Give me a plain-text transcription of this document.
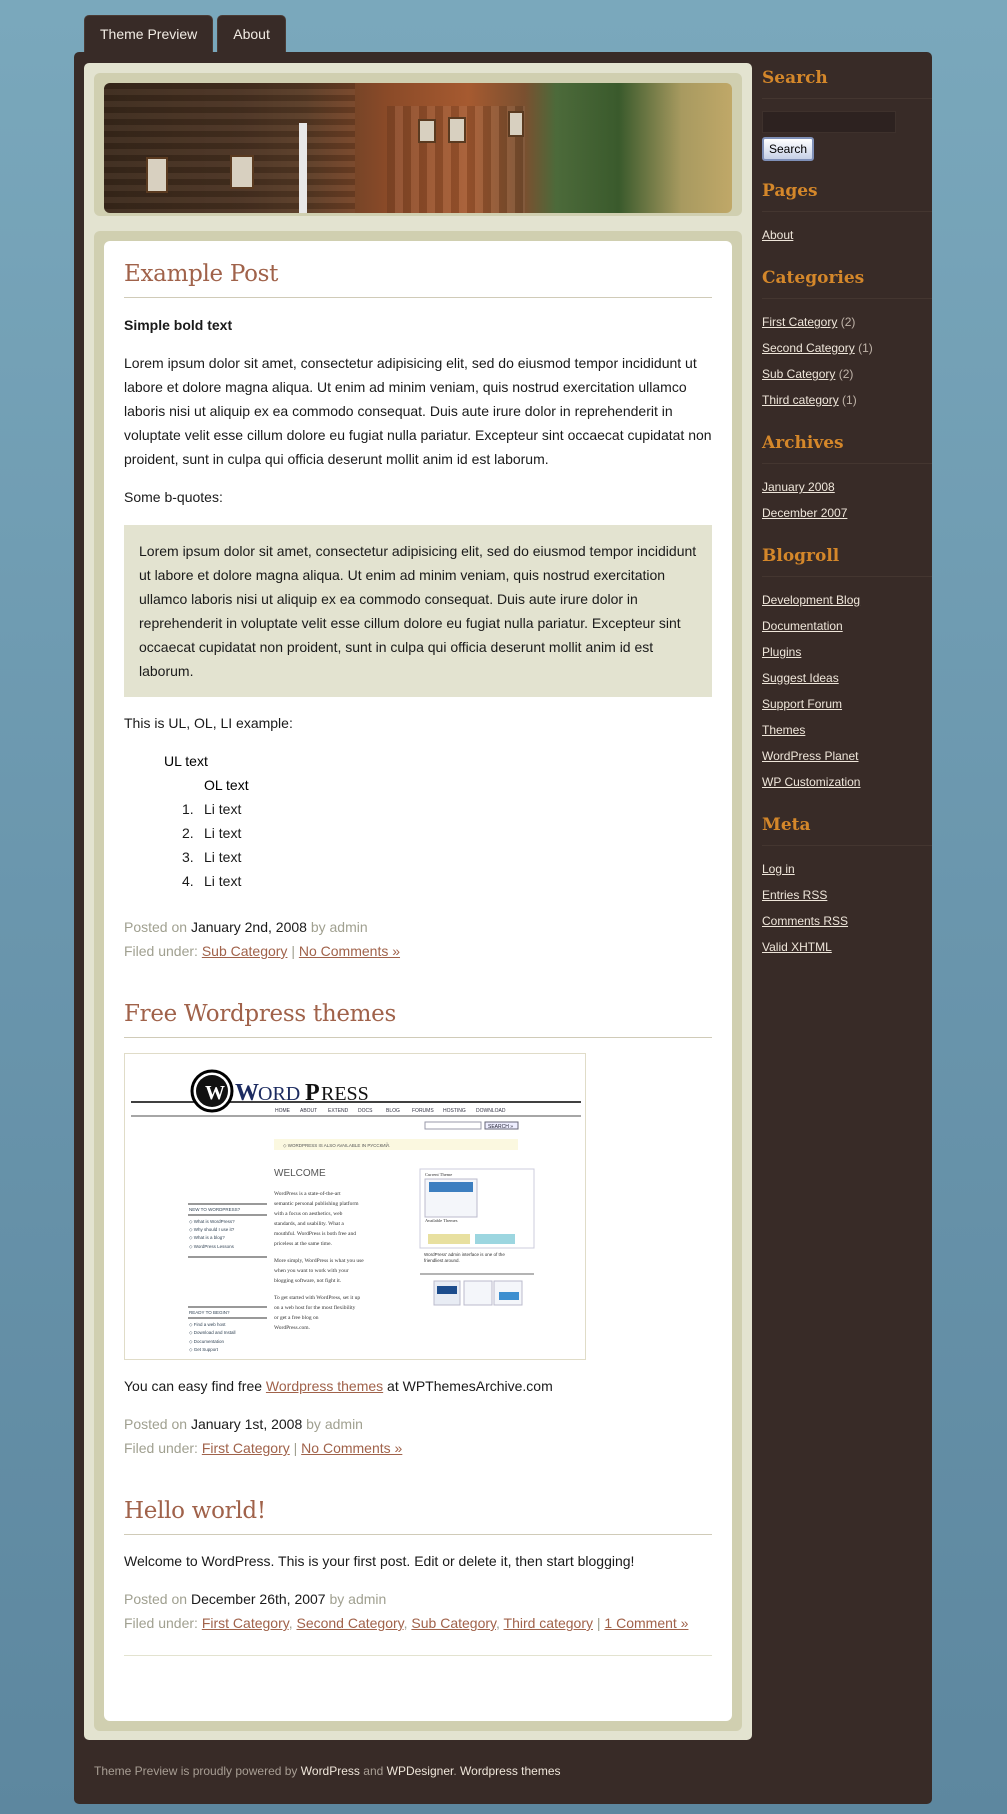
Theme Preview	About
Example Post

Simple bold text

Lorem ipsum dolor sit amet, consectetur adipisicing elit, sed do eiusmod tempor incididunt ut labore et dolore magna aliqua. Ut enim ad minim veniam, quis nostrud exercitation ullamco laboris nisi ut aliquip ex ea commodo consequat. Duis aute irure dolor in reprehenderit in voluptate velit esse cillum dolore eu fugiat nulla pariatur. Excepteur sint occaecat cupidatat non proident, sunt in culpa qui officia deserunt mollit anim id est laborum.

Some b-quotes:

Lorem ipsum dolor sit amet, consectetur adipisicing elit, sed do eiusmod tempor incididunt ut labore et dolore magna aliqua. Ut enim ad minim veniam, quis nostrud exercitation ullamco laboris nisi ut aliquip ex ea commodo consequat. Duis aute irure dolor in reprehenderit in voluptate velit esse cillum dolore eu fugiat nulla pariatur. Excepteur sint occaecat cupidatat non proident, sunt in culpa qui officia deserunt mollit anim id est laborum.

This is UL, OL, LI example:

UL text
OL text
1. Li text
2. Li text
3. Li text
4. Li text
Posted on January 2nd, 2008 by admin
Filed under: Sub Category | No Comments »
Free Wordpress themes
W W ORD P RESS
HOME ABOUT EXTEND DOCS	BLOG FORUMS HOSTING DOWNLOAD
SEARCH »
◇ WORDPRESS IS ALSO AVAILABLE IN РУССКИЙ.
WELCOME
WordPress is a state-of-the-art
semantic personal publishing platform
with a focus on aesthetics, web
standards, and usability. What a
mouthful. WordPress is both free and
priceless at the same time.
More simply, WordPress is what you use
when you want to work with your
blogging software, not fight it.
To get started with WordPress, set it up
on a web host for the most flexibility
or get a free blog on
WordPress.com.
NEW TO WORDPRESS?
◇ What is WordPress?
◇ Why should I use it?
◇ What is a blog?
◇ WordPress Lessons
READY TO BEGIN?
◇ Find a web host
◇ Download and Install
◇ Documentation
◇ Get Support
Current Theme
Available Themes
WordPress' admin interface is one of the
friendliest around.

You can easy find free Wordpress themes at WPThemesArchive.com

Posted on January 1st, 2008 by admin
Filed under: First Category | No Comments »
Hello world!

Welcome to WordPress. This is your first post. Edit or delete it, then start blogging!

Posted on December 26th, 2007 by admin
Filed under: First Category, Second Category, Sub Category, Third category | 1 Comment »
Search
Search
Pages
About
Categories
First Category (2)
Second Category (1)
Sub Category (2)
Third category (1)
Archives
January 2008
December 2007
Blogroll
Development Blog
Documentation
Plugins
Suggest Ideas
Support Forum
Themes
WordPress Planet
WP Customization
Meta
Log in
Entries RSS
Comments RSS
Valid XHTML
Theme Preview is proudly powered by WordPress and WPDesigner. Wordpress themes
